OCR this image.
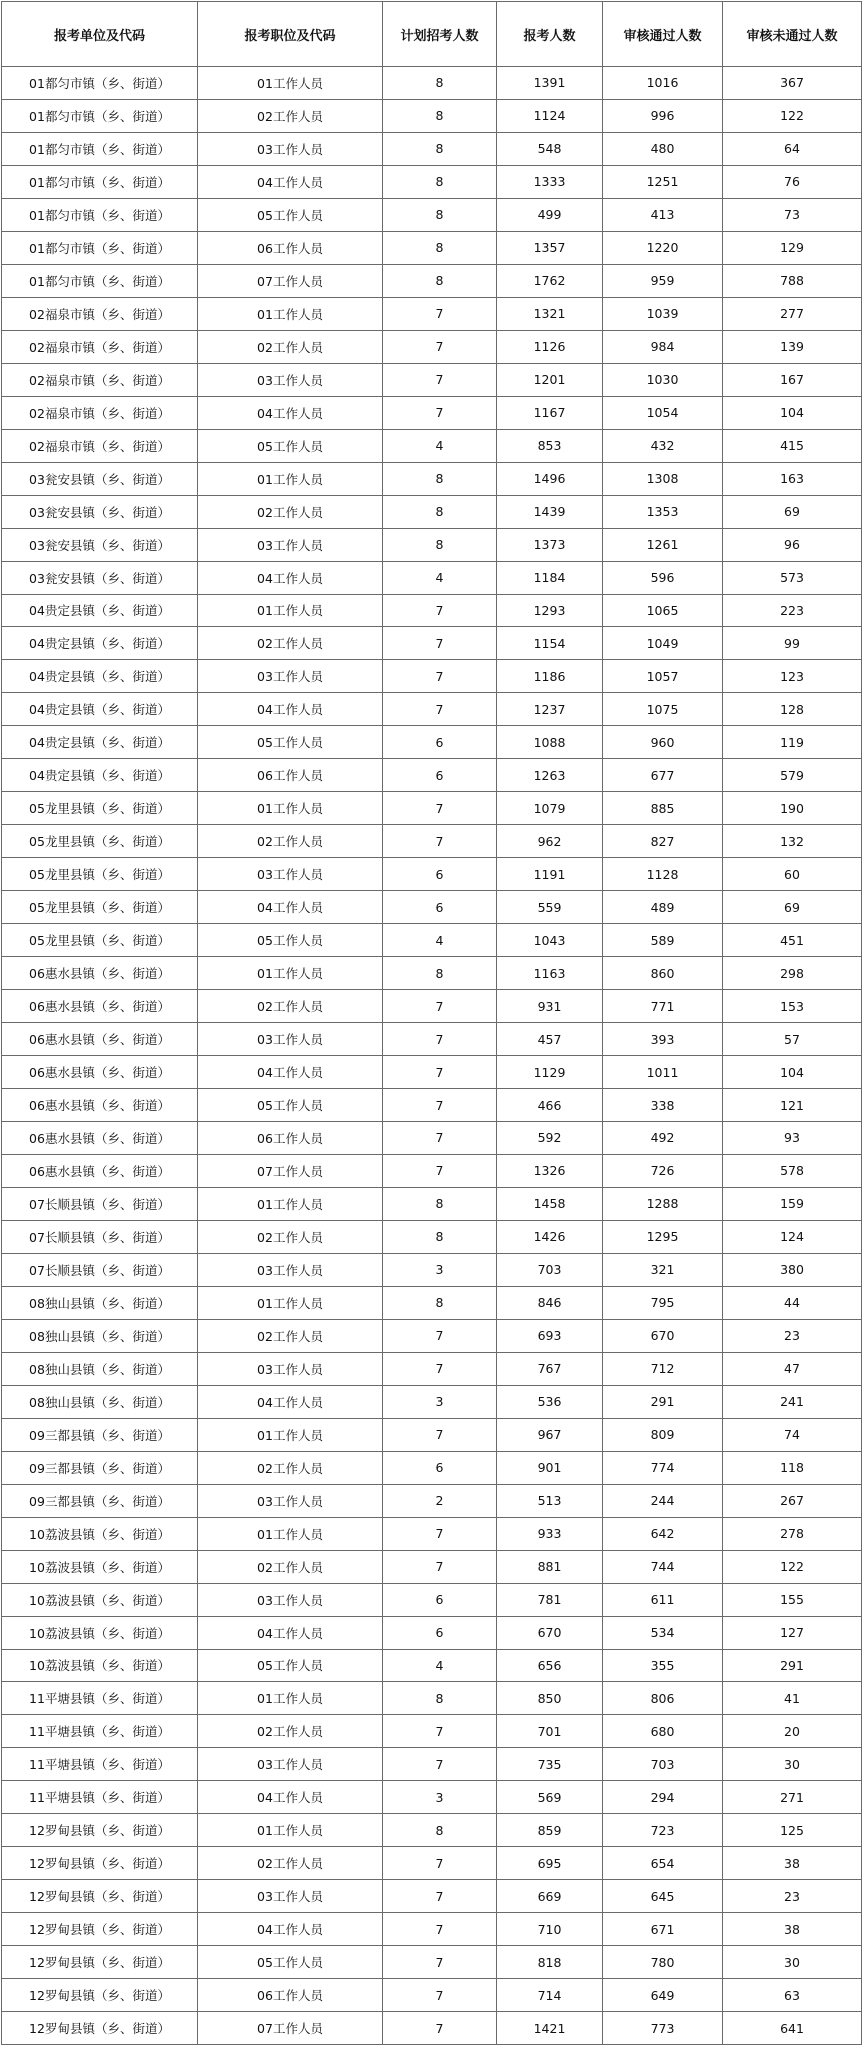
报考单位及代码	报考职位及代码	计划招考人数	报考人数	审核通过人数	审核未通过人数
01都匀市镇（乡、街道）	01工作人员	8	1391	1016	367
01都匀市镇（乡、街道）	02工作人员	8	1124	996	122
01都匀市镇（乡、街道）	03工作人员	8	548	480	64
01都匀市镇（乡、街道）	04工作人员	8	1333	1251	76
01都匀市镇（乡、街道）	05工作人员	8	499	413	73
01都匀市镇（乡、街道）	06工作人员	8	1357	1220	129
01都匀市镇（乡、街道）	07工作人员	8	1762	959	788
02福泉市镇（乡、街道）	01工作人员	7	1321	1039	277
02福泉市镇（乡、街道）	02工作人员	7	1126	984	139
02福泉市镇（乡、街道）	03工作人员	7	1201	1030	167
02福泉市镇（乡、街道）	04工作人员	7	1167	1054	104
02福泉市镇（乡、街道）	05工作人员	4	853	432	415
03瓮安县镇（乡、街道）	01工作人员	8	1496	1308	163
03瓮安县镇（乡、街道）	02工作人员	8	1439	1353	69
03瓮安县镇（乡、街道）	03工作人员	8	1373	1261	96
03瓮安县镇（乡、街道）	04工作人员	4	1184	596	573
04贵定县镇（乡、街道）	01工作人员	7	1293	1065	223
04贵定县镇（乡、街道）	02工作人员	7	1154	1049	99
04贵定县镇（乡、街道）	03工作人员	7	1186	1057	123
04贵定县镇（乡、街道）	04工作人员	7	1237	1075	128
04贵定县镇（乡、街道）	05工作人员	6	1088	960	119
04贵定县镇（乡、街道）	06工作人员	6	1263	677	579
05龙里县镇（乡、街道）	01工作人员	7	1079	885	190
05龙里县镇（乡、街道）	02工作人员	7	962	827	132
05龙里县镇（乡、街道）	03工作人员	6	1191	1128	60
05龙里县镇（乡、街道）	04工作人员	6	559	489	69
05龙里县镇（乡、街道）	05工作人员	4	1043	589	451
06惠水县镇（乡、街道）	01工作人员	8	1163	860	298
06惠水县镇（乡、街道）	02工作人员	7	931	771	153
06惠水县镇（乡、街道）	03工作人员	7	457	393	57
06惠水县镇（乡、街道）	04工作人员	7	1129	1011	104
06惠水县镇（乡、街道）	05工作人员	7	466	338	121
06惠水县镇（乡、街道）	06工作人员	7	592	492	93
06惠水县镇（乡、街道）	07工作人员	7	1326	726	578
07长顺县镇（乡、街道）	01工作人员	8	1458	1288	159
07长顺县镇（乡、街道）	02工作人员	8	1426	1295	124
07长顺县镇（乡、街道）	03工作人员	3	703	321	380
08独山县镇（乡、街道）	01工作人员	8	846	795	44
08独山县镇（乡、街道）	02工作人员	7	693	670	23
08独山县镇（乡、街道）	03工作人员	7	767	712	47
08独山县镇（乡、街道）	04工作人员	3	536	291	241
09三都县镇（乡、街道）	01工作人员	7	967	809	74
09三都县镇（乡、街道）	02工作人员	6	901	774	118
09三都县镇（乡、街道）	03工作人员	2	513	244	267
10荔波县镇（乡、街道）	01工作人员	7	933	642	278
10荔波县镇（乡、街道）	02工作人员	7	881	744	122
10荔波县镇（乡、街道）	03工作人员	6	781	611	155
10荔波县镇（乡、街道）	04工作人员	6	670	534	127
10荔波县镇（乡、街道）	05工作人员	4	656	355	291
11平塘县镇（乡、街道）	01工作人员	8	850	806	41
11平塘县镇（乡、街道）	02工作人员	7	701	680	20
11平塘县镇（乡、街道）	03工作人员	7	735	703	30
11平塘县镇（乡、街道）	04工作人员	3	569	294	271
12罗甸县镇（乡、街道）	01工作人员	8	859	723	125
12罗甸县镇（乡、街道）	02工作人员	7	695	654	38
12罗甸县镇（乡、街道）	03工作人员	7	669	645	23
12罗甸县镇（乡、街道）	04工作人员	7	710	671	38
12罗甸县镇（乡、街道）	05工作人员	7	818	780	30
12罗甸县镇（乡、街道）	06工作人员	7	714	649	63
12罗甸县镇（乡、街道）	07工作人员	7	1421	773	641
